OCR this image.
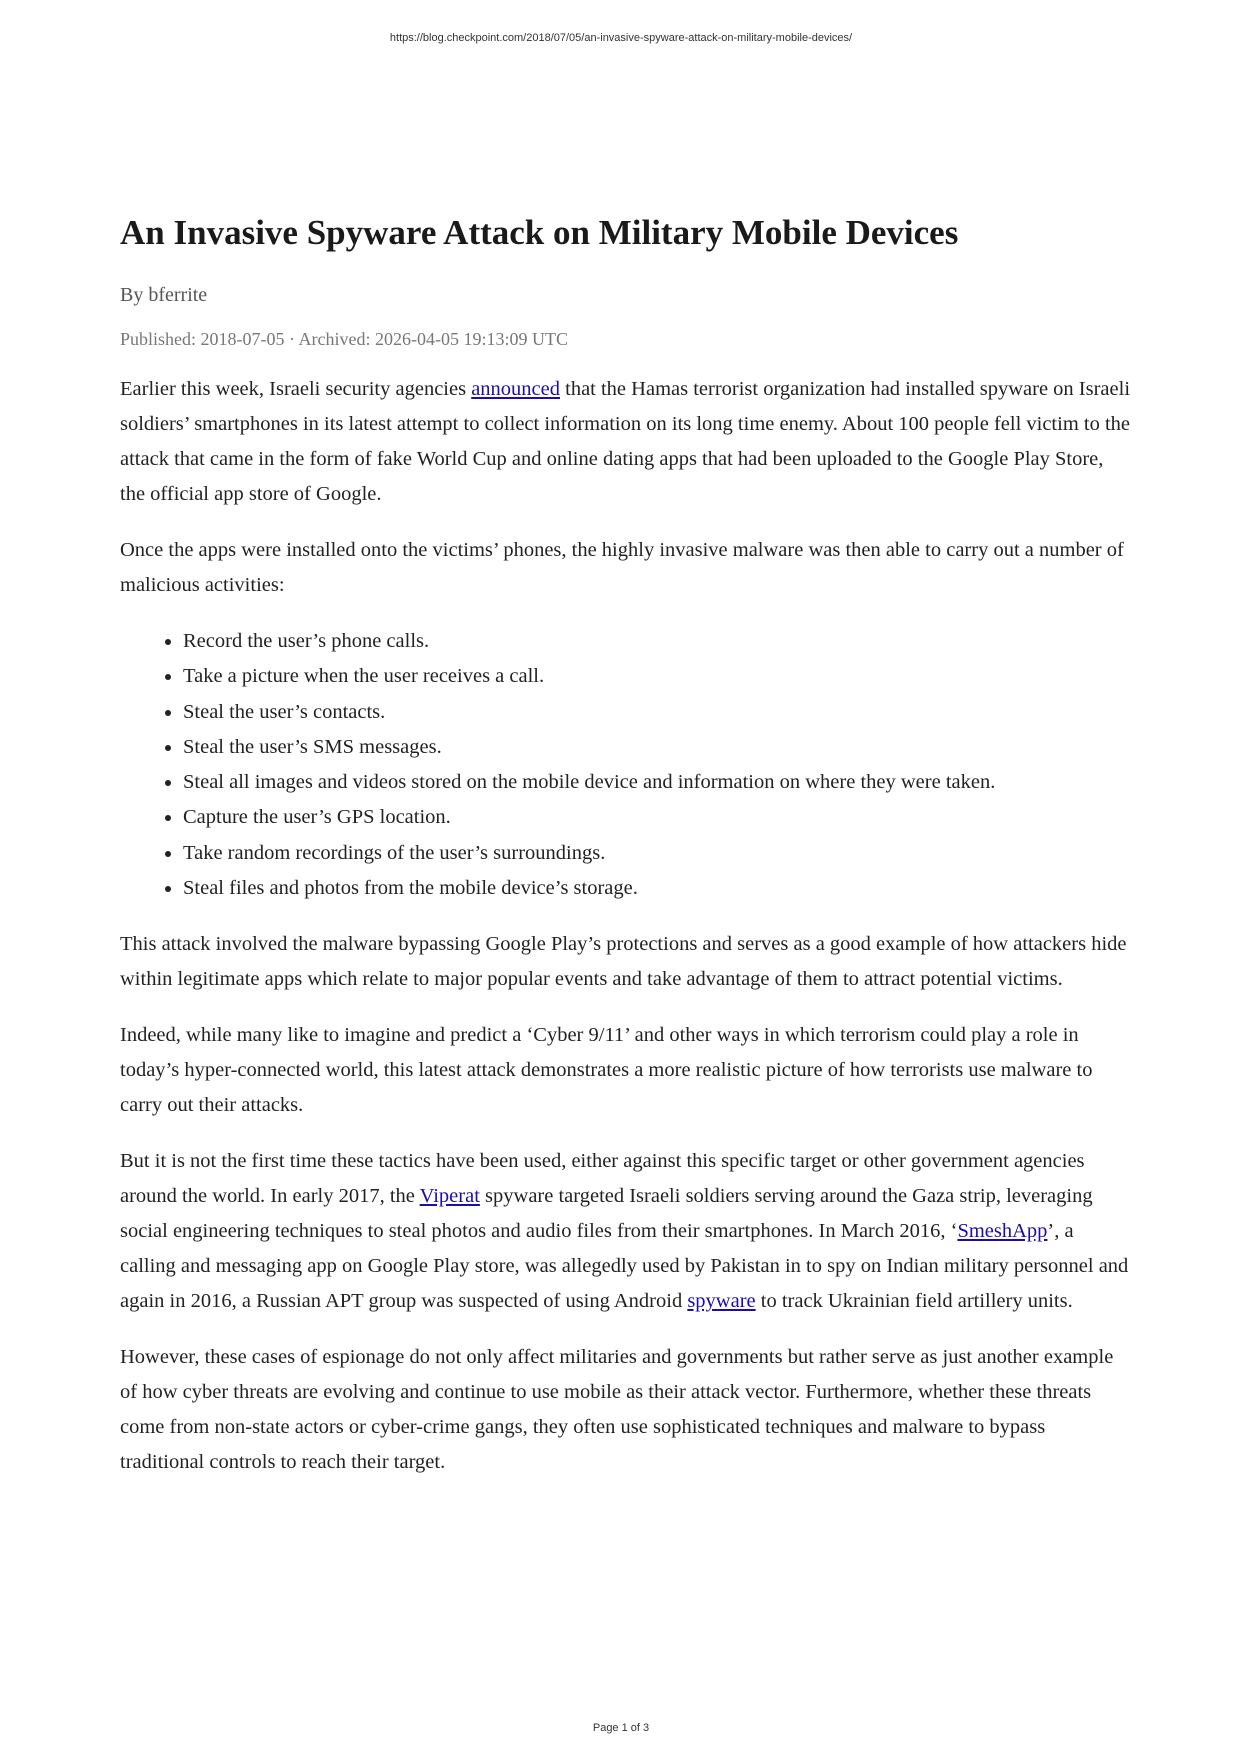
https://blog.checkpoint.com/2018/07/05/an-invasive-spyware-attack-on-military-mobile-devices/
An Invasive Spyware Attack on Military Mobile Devices
By bferrite
Published: 2018-07-05 · Archived: 2026-04-05 19:13:09 UTC

Earlier this week, Israeli security agencies announced that the Hamas terrorist organization had installed spyware on Israeli soldiers’ smartphones in its latest attempt to collect information on its long time enemy. About 100 people fell victim to the attack that came in the form of fake World Cup and online dating apps that had been uploaded to the Google Play Store, the official app store of Google.

Once the apps were installed onto the victims’ phones, the highly invasive malware was then able to carry out a number of malicious activities:

• Record the user’s phone calls.
• Take a picture when the user receives a call.
• Steal the user’s contacts.
• Steal the user’s SMS messages.
• Steal all images and videos stored on the mobile device and information on where they were taken.
• Capture the user’s GPS location.
• Take random recordings of the user’s surroundings.
• Steal files and photos from the mobile device’s storage.

This attack involved the malware bypassing Google Play’s protections and serves as a good example of how attackers hide within legitimate apps which relate to major popular events and take advantage of them to attract potential victims.

Indeed, while many like to imagine and predict a ‘Cyber 9/11’ and other ways in which terrorism could play a role in today’s hyper-connected world, this latest attack demonstrates a more realistic picture of how terrorists use malware to carry out their attacks.

But it is not the first time these tactics have been used, either against this specific target or other government agencies around the world. In early 2017, the Viperat spyware targeted Israeli soldiers serving around the Gaza strip, leveraging social engineering techniques to steal photos and audio files from their smartphones. In March 2016, ‘SmeshApp’, a calling and messaging app on Google Play store, was allegedly used by Pakistan in to spy on Indian military personnel and again in 2016, a Russian APT group was suspected of using Android spyware to track Ukrainian field artillery units.

However, these cases of espionage do not only affect militaries and governments but rather serve as just another example of how cyber threats are evolving and continue to use mobile as their attack vector. Furthermore, whether these threats come from non-state actors or cyber-crime gangs, they often use sophisticated techniques and malware to bypass traditional controls to reach their target.

Page 1 of 3
